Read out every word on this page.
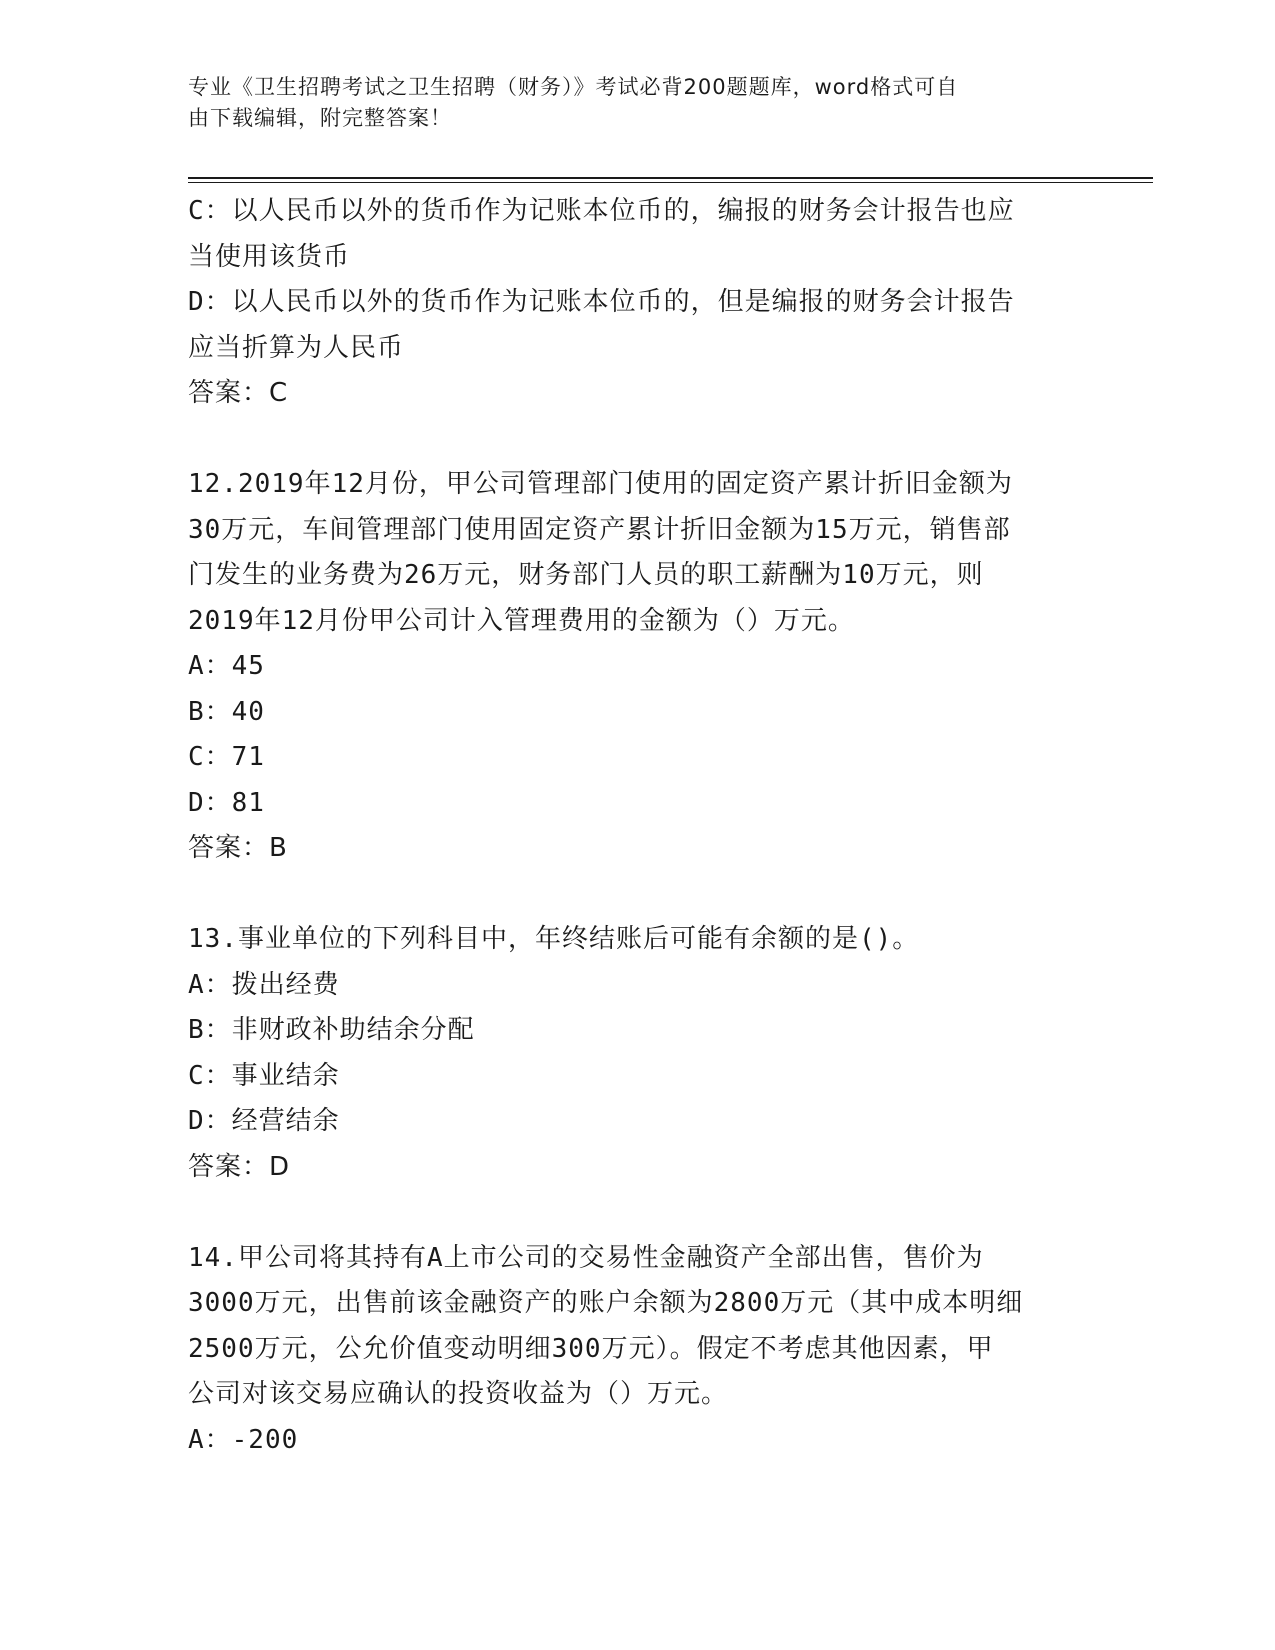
专业《卫生招聘考试之卫生招聘（财务）》考试必背200题题库，word格式可自
由下载编辑，附完整答案！
C：以人民币以外的货币作为记账本位币的，编报的财务会计报告也应
当使用该货币
D：以人民币以外的货币作为记账本位币的，但是编报的财务会计报告
应当折算为人民币
答案：C
12.2019年12月份，甲公司管理部门使用的固定资产累计折旧金额为
30万元，车间管理部门使用固定资产累计折旧金额为15万元，销售部
门发生的业务费为26万元，财务部门人员的职工薪酬为10万元，则
2019年12月份甲公司计入管理费用的金额为（）万元。
A：45
B：40
C：71
D：81
答案：B
13.事业单位的下列科目中，年终结账后可能有余额的是()。
A：拨出经费
B：非财政补助结余分配
C：事业结余
D：经营结余
答案：D
14.甲公司将其持有A上市公司的交易性金融资产全部出售，售价为
3000万元，出售前该金融资产的账户余额为2800万元（其中成本明细
2500万元，公允价值变动明细300万元）。假定不考虑其他因素，甲
公司对该交易应确认的投资收益为（）万元。
A：-200
